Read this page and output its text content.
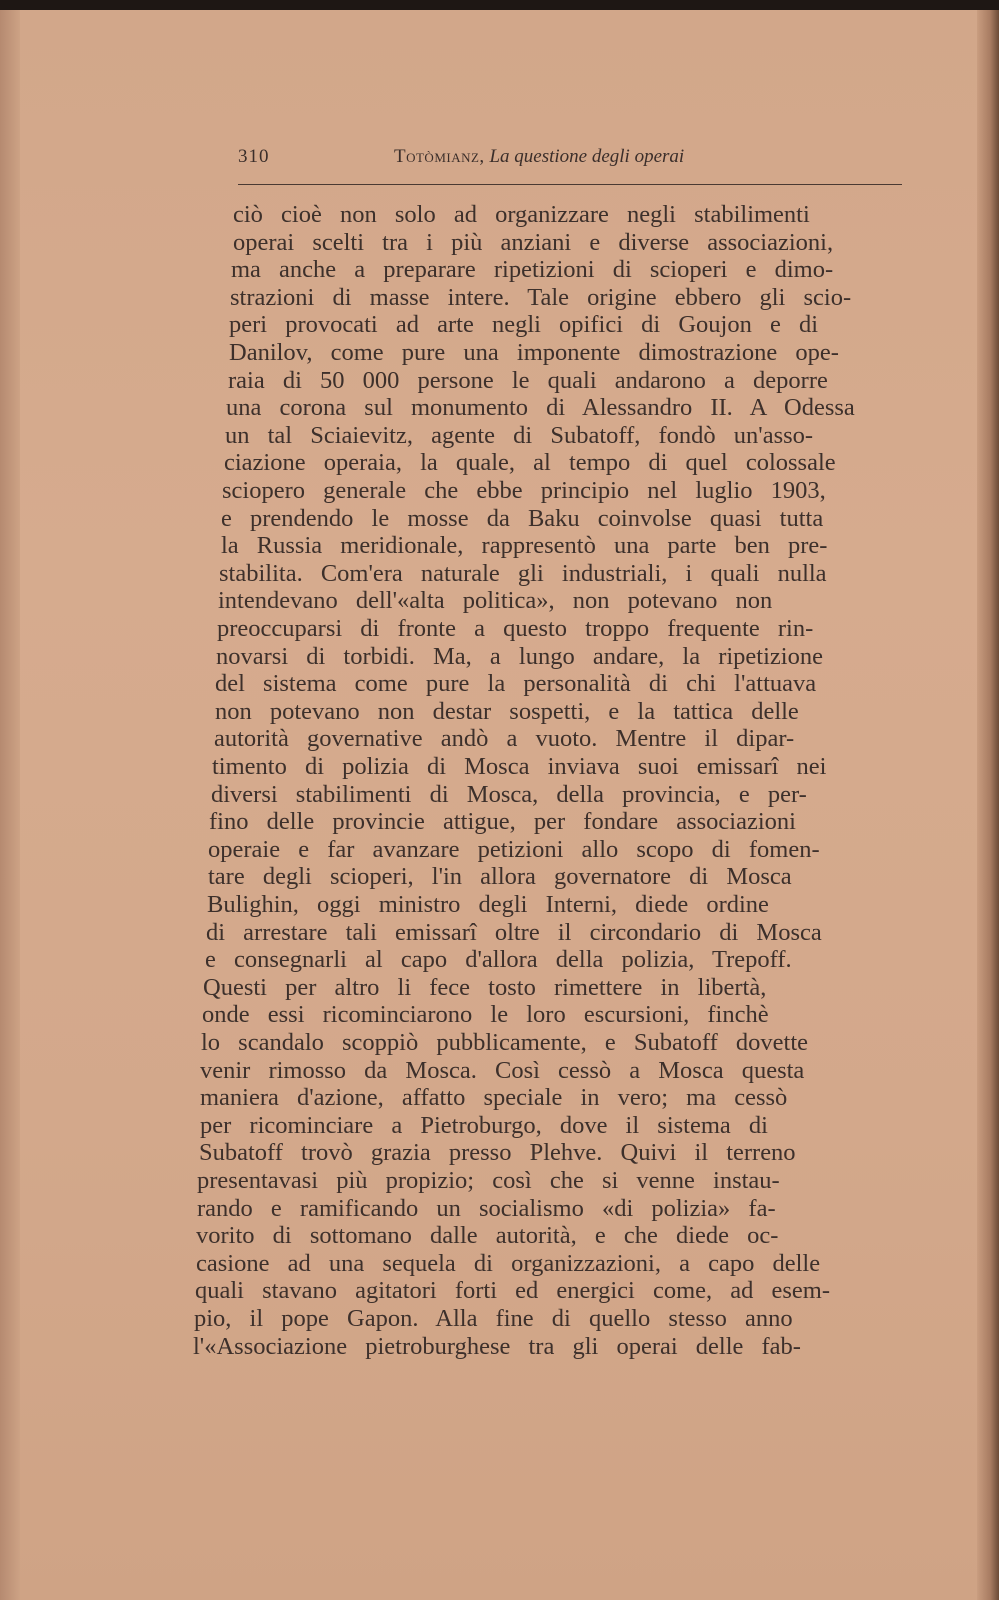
310	Totòmianz, La questione degli operai
ciò cioè non solo ad organizzare negli stabilimenti
operai scelti tra i più anziani e diverse associazioni,
ma anche a preparare ripetizioni di scioperi e dimo-
strazioni di masse intere. Tale origine ebbero gli scio-
peri provocati ad arte negli opifici di Goujon e di
Danilov, come pure una imponente dimostrazione ope-
raia di 50 000 persone le quali andarono a deporre
una corona sul monumento di Alessandro II. A Odessa
un tal Sciaievitz, agente di Subatoff, fondò un'asso-
ciazione operaia, la quale, al tempo di quel colossale
sciopero generale che ebbe principio nel luglio 1903,
e prendendo le mosse da Baku coinvolse quasi tutta
la Russia meridionale, rappresentò una parte ben pre-
stabilita. Com'era naturale gli industriali, i quali nulla
intendevano dell'«alta politica», non potevano non
preoccuparsi di fronte a questo troppo frequente rin-
novarsi di torbidi. Ma, a lungo andare, la ripetizione
del sistema come pure la personalità di chi l'attuava
non potevano non destar sospetti, e la tattica delle
autorità governative andò a vuoto. Mentre il dipar-
timento di polizia di Mosca inviava suoi emissarî nei
diversi stabilimenti di Mosca, della provincia, e per-
fino delle provincie attigue, per fondare associazioni
operaie e far avanzare petizioni allo scopo di fomen-
tare degli scioperi, l'in allora governatore di Mosca
Bulighin, oggi ministro degli Interni, diede ordine
di arrestare tali emissarî oltre il circondario di Mosca
e consegnarli al capo d'allora della polizia, Trepoff.
Questi per altro li fece tosto rimettere in libertà,
onde essi ricominciarono le loro escursioni, finchè
lo scandalo scoppiò pubblicamente, e Subatoff dovette
venir rimosso da Mosca. Così cessò a Mosca questa
maniera d'azione, affatto speciale in vero; ma cessò
per ricominciare a Pietroburgo, dove il sistema di
Subatoff trovò grazia presso Plehve. Quivi il terreno
presentavasi più propizio; così che si venne instau-
rando e ramificando un socialismo «di polizia» fa-
vorito di sottomano dalle autorità, e che diede oc-
casione ad una sequela di organizzazioni, a capo delle
quali stavano agitatori forti ed energici come, ad esem-
pio, il pope Gapon. Alla fine di quello stesso anno
l'«Associazione pietroburghese tra gli operai delle fab-
